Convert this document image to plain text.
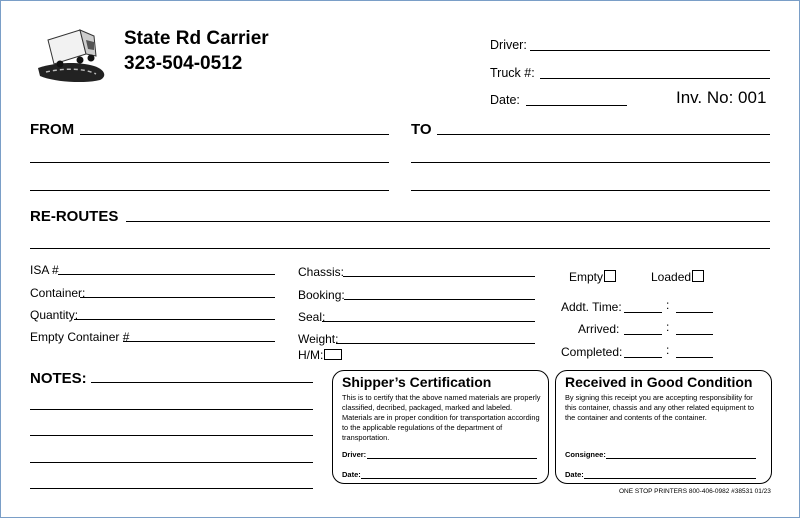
State Rd Carrier
323-504-0512
Driver:
Truck #:
Date:	Inv. No: 001
FROM	TO
RE-ROUTES
ISA #
Container:
Quantity:
Empty Container #
Chassis:
Booking:
Seal:
Weight:
H/M:
Empty	Loaded
Addt. Time:	:
Arrived:	:
Completed:	:
NOTES:	Shipper’s Certification
This is to certify that the above named materials are properly
classified, decribed, packaged, marked and labeled.
Materials are in proper condition for transportation according
to the applicable regulations of the department of
transportation.
Driver:
Date:
Received in Good Condition
By signing this receipt you are accepting responsibility for
this container, chassis and any other related equipment to
the container and contents of the container.
Consignee:
Date:
ONE STOP PRINTERS 800-406-0982 #38531 01/23
